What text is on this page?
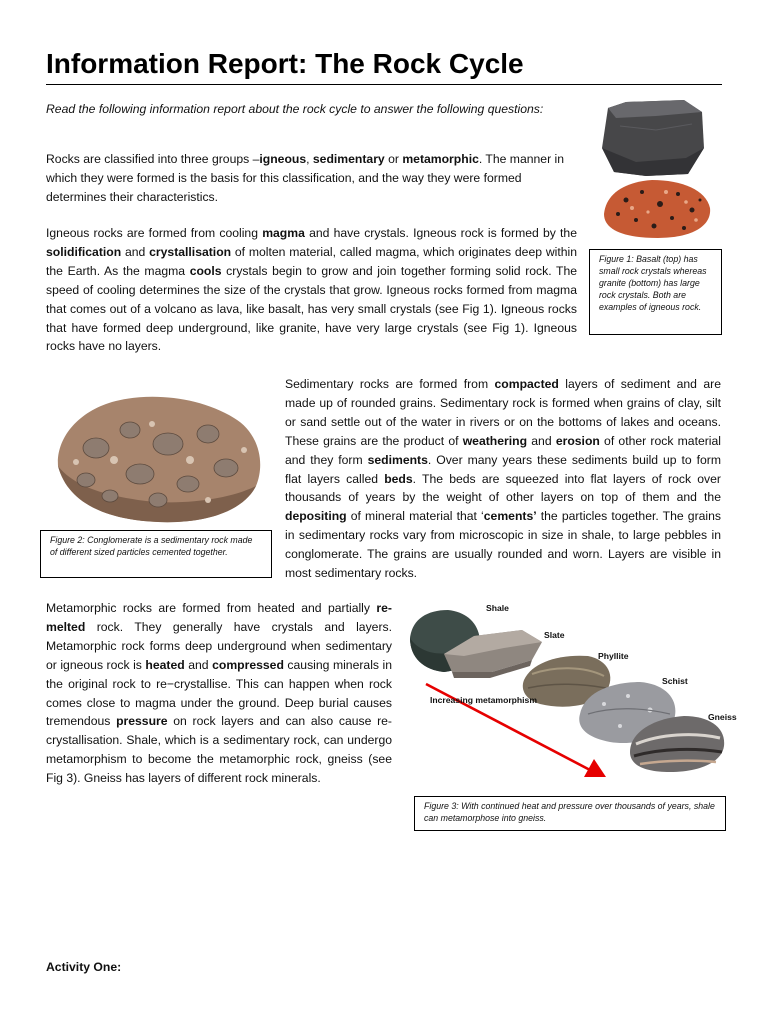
Information Report: The Rock Cycle
Read the following information report about the rock cycle to answer the following questions:

Rocks are classified into three groups –igneous, sedimentary or metamorphic. The manner in which they were formed is the basis for this classification, and the way they were formed determines their characteristics.

Igneous rocks are formed from cooling magma and have crystals. Igneous rock is formed by the solidification and crystallisation of molten material, called magma, which originates deep within the Earth. As the magma cools crystals begin to grow and join together forming solid rock. The speed of cooling determines the size of the crystals that grow. Igneous rocks formed from magma that comes out of a volcano as lava, like basalt, has very small crystals (see Fig 1). Igneous rocks that have formed deep underground, like granite, have very large crystals (see Fig 1). Igneous rocks have no layers.

Sedimentary rocks are formed from compacted layers of sediment and are made up of rounded grains. Sedimentary rock is formed when grains of clay, silt or sand settle out of the water in rivers or on the bottoms of lakes and oceans. These grains are the product of weathering and erosion of other rock material and they form sediments. Over many years these sediments build up to form flat layers called beds. The beds are squeezed into flat layers of rock over thousands of years by the weight of other layers on top of them and the depositing of mineral material that ‘cements’ the particles together. The grains in sedimentary rocks vary from microscopic in size in shale, to large pebbles in conglomerate. The grains are usually rounded and worn. Layers are visible in most sedimentary rocks.

Metamorphic rocks are formed from heated and partially re-melted rock. They generally have crystals and layers. Metamorphic rock forms deep underground when sedimentary or igneous rock is heated and compressed causing minerals in the original rock to re−crystallise. This can happen when rock comes close to magma under the ground. Deep burial causes tremendous pressure on rock layers and can also cause re-crystallisation. Shale, which is a sedimentary rock, can undergo metamorphism to become the metamorphic rock, gneiss (see Fig 3). Gneiss has layers of different rock minerals.

Figure 1: Basalt (top) has small rock crystals whereas granite (bottom) has large rock crystals. Both are examples of igneous rock.
Figure 2: Conglomerate is a sedimentary rock made of different sized particles cemented together.
Shale
Slate
Phyllite
Schist
Gneiss
Increasing metamorphism
Figure 3: With continued heat and pressure over thousands of years, shale can metamorphose into gneiss.
Activity One:
